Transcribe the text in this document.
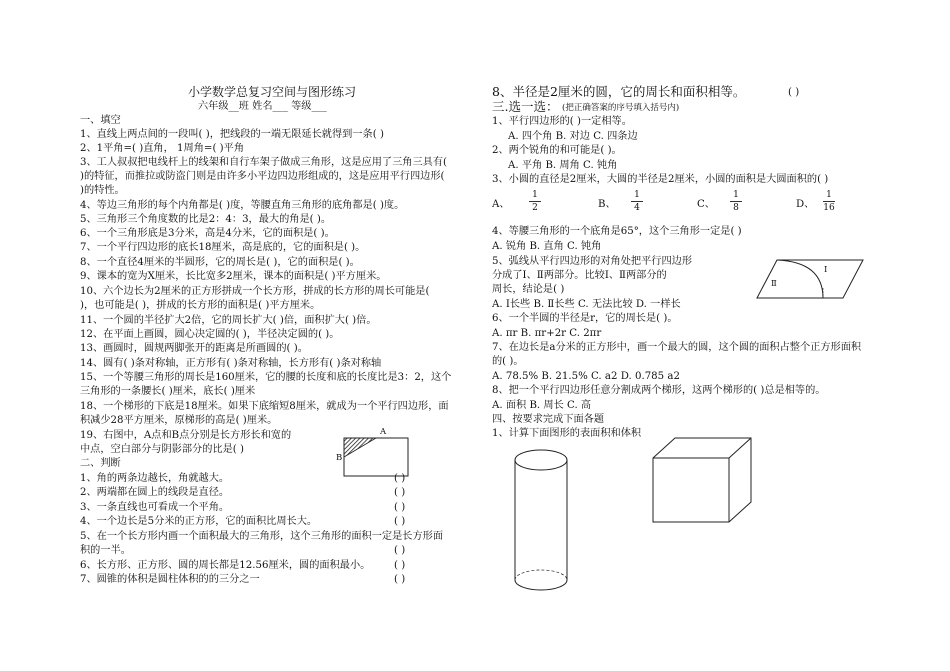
小学数学总复习空间与图形练习
六年级__班 姓名___ 等级___
一、填空
1、直线上两点间的一段叫( )，把线段的一端无限延长就得到一条( )
2、1平角=( )直角， 1周角=( )平角
3、工人叔叔把电线杆上的线架和自行车架子做成三角形，这是应用了三角三具有(
)的特征，而推拉或防盗门则是由许多小平边四边形组成的，这是应用平行四边形(
)的特性。
4、等边三角形的每个内角都是( )度，等腰直角三角形的底角都是( )度。
5、三角形三个角度数的比是2：4：3，最大的角是( )。
6、一个三角形底是3分米，高是4分米，它的面积是( )。
7、一个平行四边形的底长18厘米，高是底的，它的面积是( )。
8、一个直径4厘米的半圆形，它的周长是( )，它的面积是( )。
9、课本的宽为X厘米，长比宽多2厘米，课本的面积是( )平方厘米。
10、六个边长为2厘米的正方形拼成一个长方形，拼成的长方形的周长可能是(
)，也可能是( )，拼成的长方形的面积是( )平方厘米。
11、一个圆的半径扩大2倍，它的周长扩大( )倍，面积扩大( )倍。
12、在平面上画圆，圆心决定圆的( )，半径决定圆的( )。
13、画圆时，圆规两脚张开的距离是所画圆的( )。
14、圆有( )条对称轴，正方形有( )条对称轴，长方形有( )条对称轴
15、一个等腰三角形的周长是160厘米，它的腰的长度和底的长度比是3：2，这个
三角形的一条腰长( )厘米，底长( )厘米
18、一个梯形的下底是18厘米。如果下底缩短8厘米，就成为一个平行四边形，面
积减少28平方厘米，原梯形的高是( )厘米。
19、右图中，A点和B点分别是长方形长和宽的
中点，空白部分与阴影部分的比是( )
A
B
二、判断
1、角的两条边越长，角就越大。	( )
2、两端都在圆上的线段是直径。	( )
3、一条直线也可看成一个平角。	( )
4、一个边长是5分米的正方形，它的面积比周长大。	( )
5、在一个长方形内画一个面积最大的三角形，这个三角形的面积一定是长方形面
积的一半。	( )
6、长方形、正方形、圆的周长都是12.56厘米，圆的面积最小。 ( )
7、圆锥的体积是圆柱体积的的三分之一	( )
8、半径是2厘米的圆，它的周长和面积相等。	( )
三.选一选： (把正确答案的序号填入括号内)
1、平行四边形的( )一定相等。
A. 四个角 B. 对边 C. 四条边
2、两个锐角的和可能是( )。
A. 平角 B. 周角 C. 钝角
3、小圆的直径是2厘米，大圆的半径是2厘米，小圆的面积是大圆面积的( )
A、
1
2	B、
1
4	C、
1
8	D、
1
16
4、等腰三角形的一个底角是65°，这个三角形一定是( )
A. 锐角 B. 直角 C. 钝角
5、弧线从平行四边形的对角处把平行四边形
分成了Ⅰ、Ⅱ两部分。比较Ⅰ、Ⅱ两部分的
周长，结论是( )
Ⅰ
Ⅱ
A. Ⅰ长些 B. Ⅱ长些 C. 无法比较 D. 一样长
6、一个半圆的半径是r，它的周长是( )。
A. πr B. πr+2r C. 2πr
7、在边长是a分米的正方形中，画一个最大的圆，这个圆的面积占整个正方形面积
的( )。
A. 78.5% B. 21.5% C. a2 D. 0.785 a2
8、把一个平行四边形任意分割成两个梯形，这两个梯形的( )总是相等的。
A. 面积 B. 周长 C. 高
四、按要求完成下面各题
1、计算下面图形的表面积和体积
